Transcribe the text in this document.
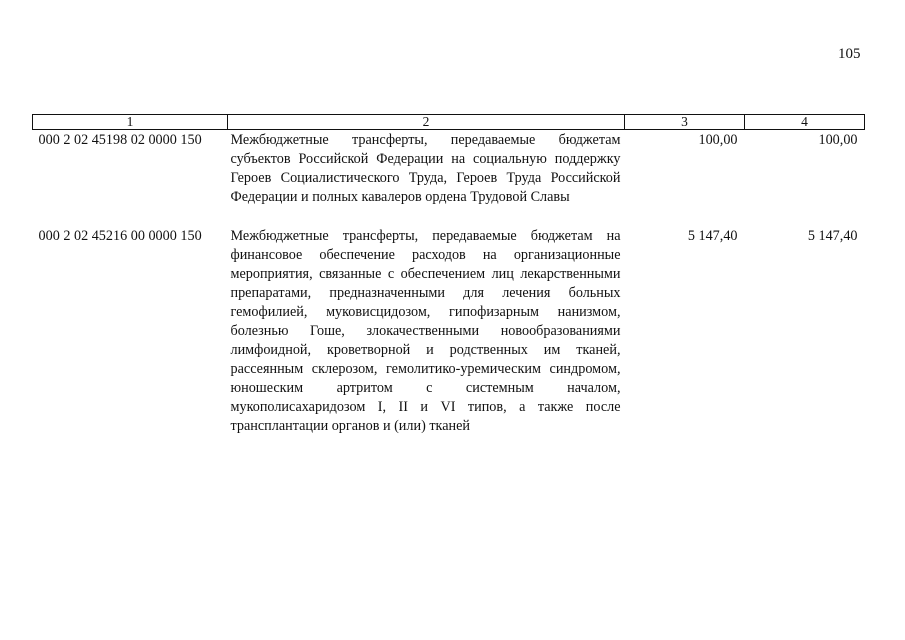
105
1	2	3	4
000 2 02 45198 02 0000 150	Межбюджетные трансферты, передаваемые бюджетам субъектов Российской Федерации на социальную поддержку Героев Социалистического Труда, Героев Труда Российской Федерации и полных кавалеров ордена Трудовой Славы	100,00	100,00
000 2 02 45216 00 0000 150	Межбюджетные трансферты, передаваемые бюджетам на финансовое обеспечение расходов на организационные мероприятия, связанные с обеспечением лиц лекарственными препаратами, предназначенными для лечения больных гемофилией, муковисцидозом, гипофизарным нанизмом, болезнью Гоше, злокачественными новообразованиями лимфоидной, кроветворной и родственных им тканей, рассеянным склерозом, гемолитико-уремическим синдромом, юношеским артритом с системным началом, мукополисахаридозом I, II и VI типов, а также после трансплантации органов и (или) тканей	5 147,40	5 147,40
